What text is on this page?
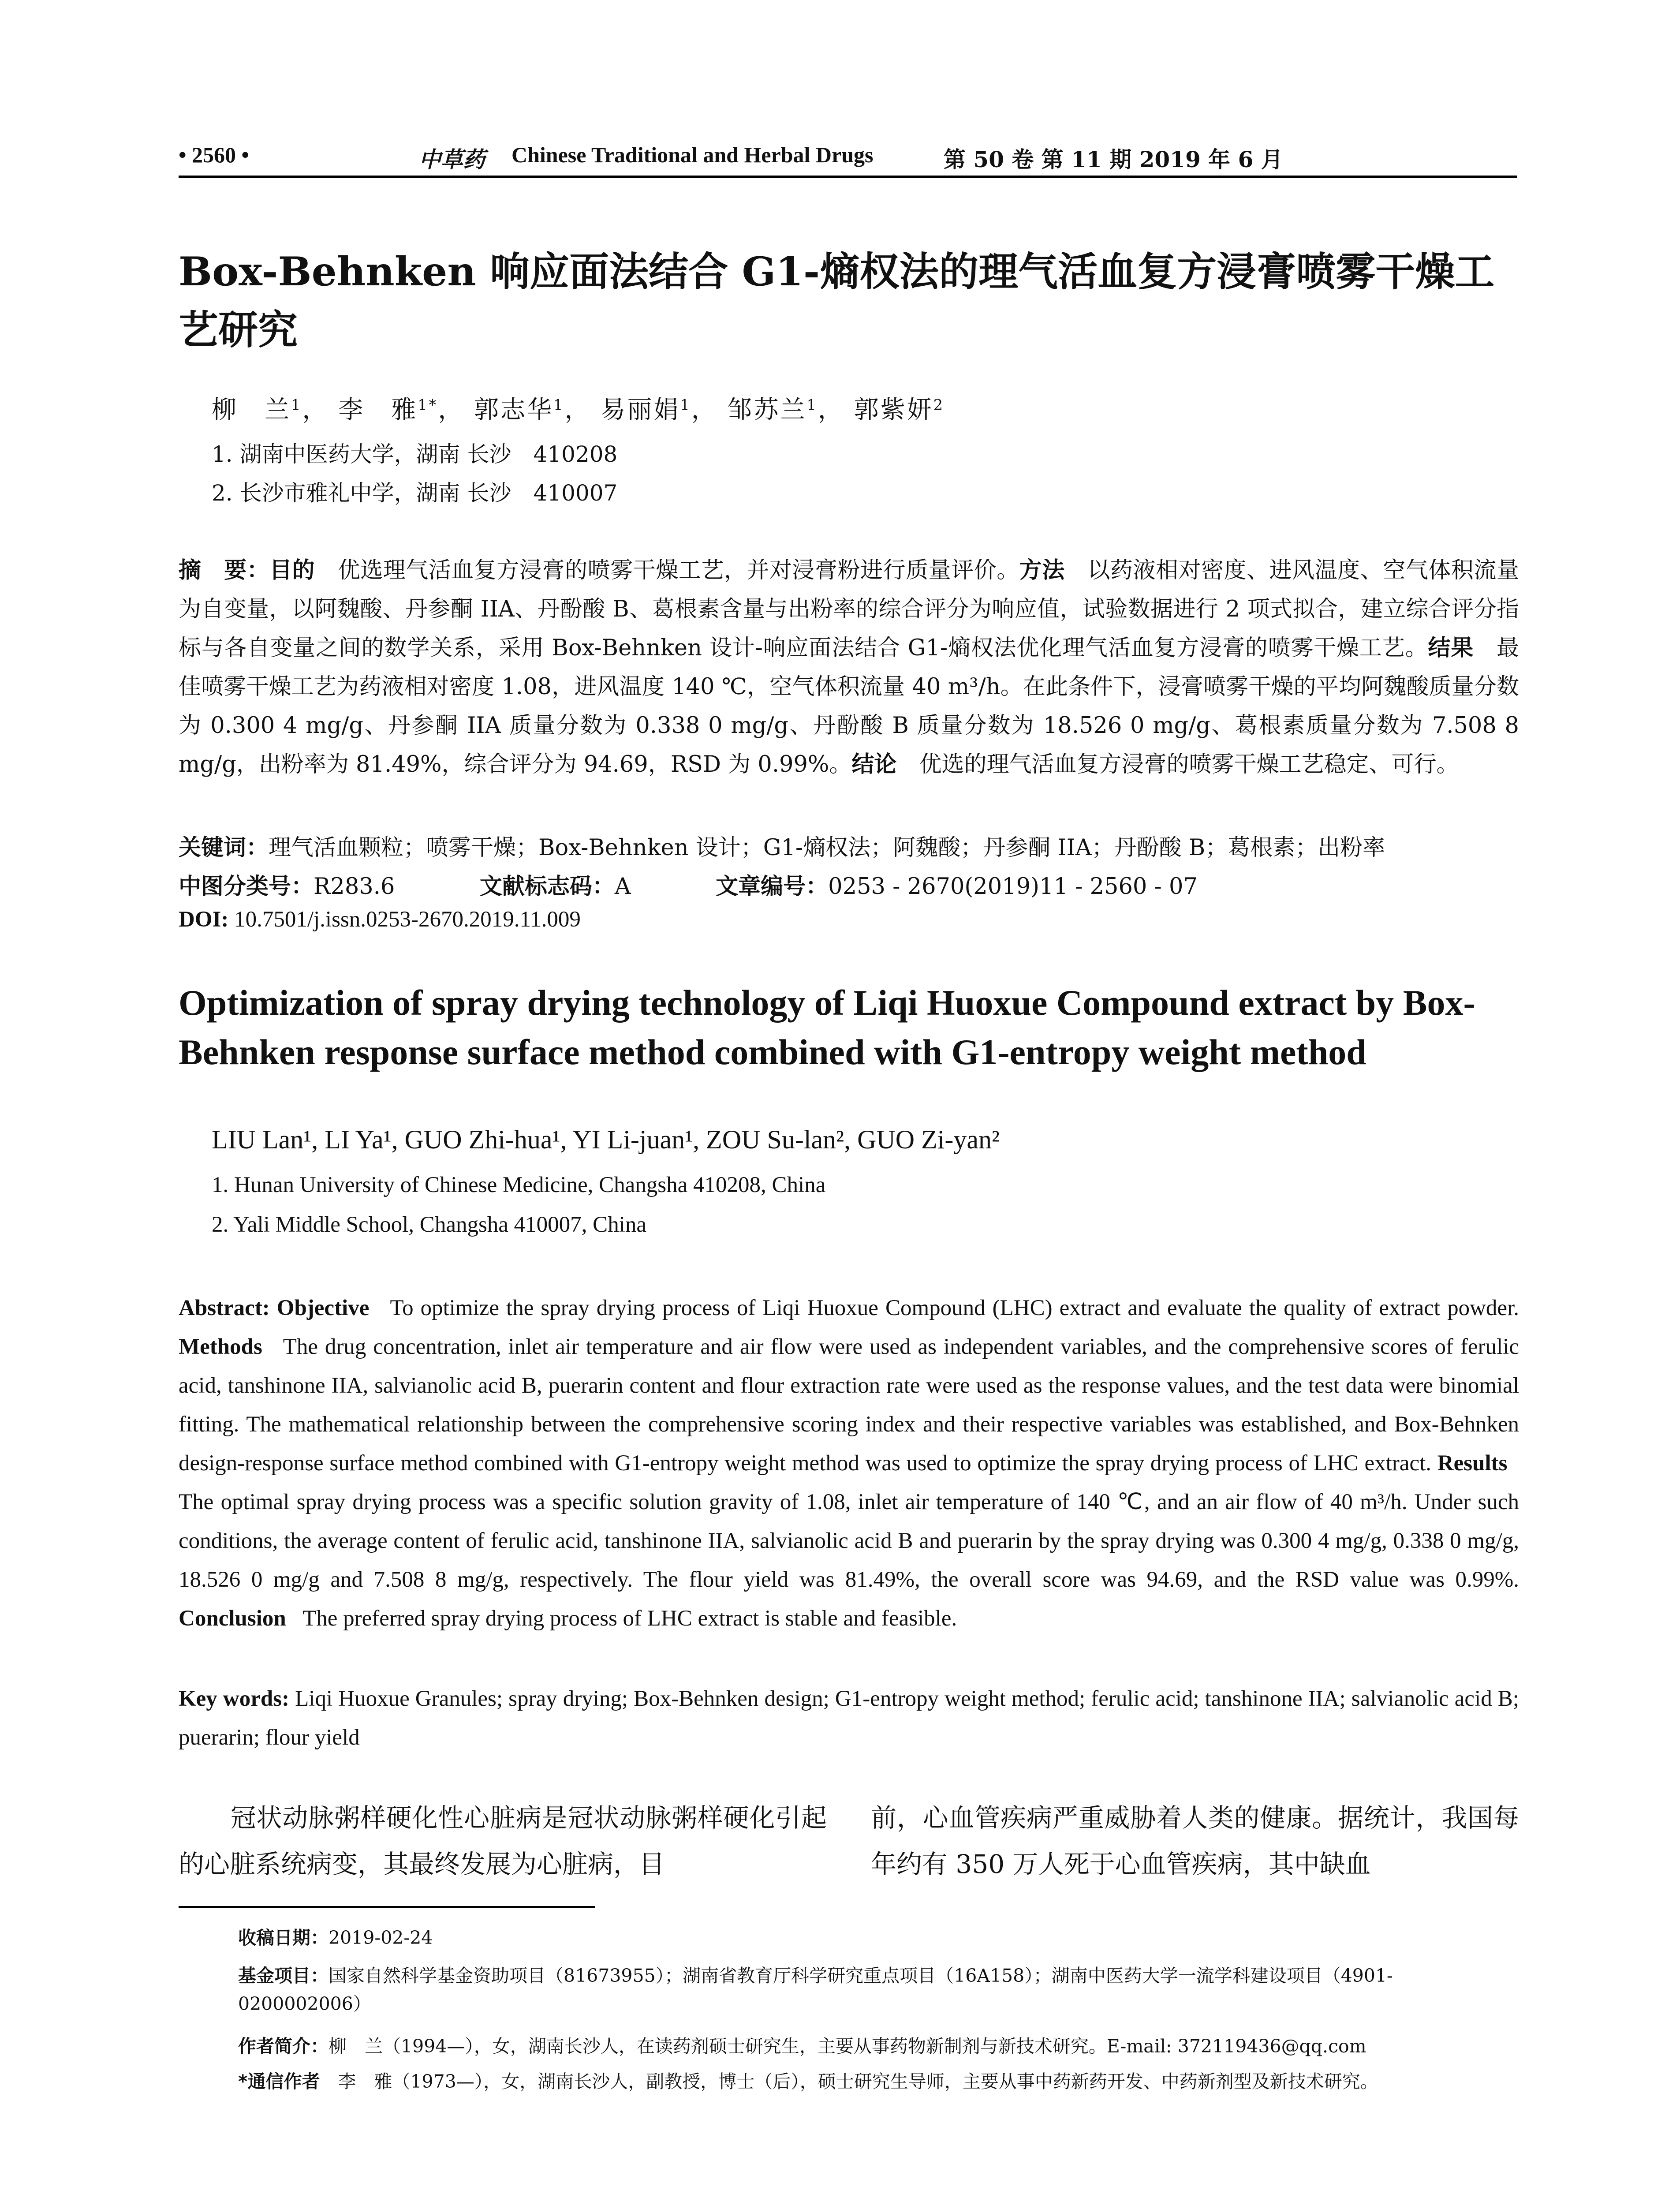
• 2560 •	中草药 Chinese Traditional and Herbal Drugs	第 50 卷 第 11 期 2019 年 6 月
Box-Behnken 响应面法结合 G1-熵权法的理气活血复方浸膏喷雾干燥工艺研究
柳　兰$^1$， 李　雅$^{1*}$， 郭志华$^1$， 易丽娟$^1$， 邹苏兰$^1$， 郭紫妍$^2$
1. 湖南中医药大学，湖南 长沙　410208
2. 长沙市雅礼中学，湖南 长沙　410007
摘　要：目的　 优选理气活血复方浸膏的喷雾干燥工艺，并对浸膏粉进行质量评价。方法　 以药液相对密度、进风温度、空气体积流量为自变量，以阿魏酸、丹参酮 IIA、丹酚酸 B、葛根素含量与出粉率的综合评分为响应值，试验数据进行 2 项式拟合，建立综合评分指标与各自变量之间的数学关系，采用 Box-Behnken 设计-响应面法结合 G1-熵权法优化理气活血复方浸膏的喷雾干燥工艺。结果　 最佳喷雾干燥工艺为药液相对密度 1.08，进风温度 140 ℃，空气体积流量 40 m³/h。在此条件下，浸膏喷雾干燥的平均阿魏酸质量分数为 0.300 4 mg/g、丹参酮 IIA 质量分数为 0.338 0 mg/g、丹酚酸 B 质量分数为 18.526 0 mg/g、葛根素质量分数为 7.508 8 mg/g，出粉率为 81.49%，综合评分为 94.69，RSD 为 0.99%。结论　 优选的理气活血复方浸膏的喷雾干燥工艺稳定、可行。
关键词：理气活血颗粒；喷雾干燥；Box-Behnken 设计；G1-熵权法；阿魏酸；丹参酮 IIA；丹酚酸 B；葛根素；出粉率
中图分类号：R283.6	文献标志码：A	文章编号：0253 - 2670(2019)11 - 2560 - 07
DOI: 10.7501/j.issn.0253-2670.2019.11.009
Optimization of spray drying technology of Liqi Huoxue Compound extract by Box-Behnken response surface method combined with G1-entropy weight method
LIU Lan¹, LI Ya¹, GUO Zhi-hua¹, YI Li-juan¹, ZOU Su-lan², GUO Zi-yan²
1. Hunan University of Chinese Medicine, Changsha 410208, China
2. Yali Middle School, Changsha 410007, China
Abstract: Objective To optimize the spray drying process of Liqi Huoxue Compound (LHC) extract and evaluate the quality of extract powder. Methods The drug concentration, inlet air temperature and air flow were used as independent variables, and the comprehensive scores of ferulic acid, tanshinone IIA, salvianolic acid B, puerarin content and flour extraction rate were used as the response values, and the test data were binomial fitting. The mathematical relationship between the comprehensive scoring index and their respective variables was established, and Box-Behnken design-response surface method combined with G1-entropy weight method was used to optimize the spray drying process of LHC extract. Results   The optimal spray drying process was a specific solution gravity of 1.08, inlet air temperature of 140 ℃, and an air flow of 40 m³/h. Under such conditions, the average content of ferulic acid, tanshinone IIA, salvianolic acid B and puerarin by the spray drying was 0.300 4 mg/g, 0.338 0 mg/g, 18.526 0 mg/g and 7.508 8 mg/g, respectively. The flour yield was 81.49%, the overall score was 94.69, and the RSD value was 0.99%. Conclusion The preferred spray drying process of LHC extract is stable and feasible.
Key words: Liqi Huoxue Granules; spray drying; Box-Behnken design; G1-entropy weight method; ferulic acid; tanshinone IIA; salvianolic acid B; puerarin; flour yield
　　冠状动脉粥样硬化性心脏病是冠状动脉粥样硬化引起的心脏系统病变，其最终发展为心脏病，目
前，心血管疾病严重威胁着人类的健康。据统计，我国每年约有 350 万人死于心血管疾病，其中缺血
收稿日期：2019-02-24
基金项目：国家自然科学基金资助项目（81673955）；湖南省教育厅科学研究重点项目（16A158）；湖南中医药大学一流学科建设项目（4901-0200002006）
作者简介：柳　兰（1994—），女，湖南长沙人，在读药剂硕士研究生，主要从事药物新制剂与新技术研究。E-mail: 372119436@qq.com
*通信作者　 李　雅（1973—），女，湖南长沙人，副教授，博士（后），硕士研究生导师，主要从事中药新药开发、中药新剂型及新技术研究。
